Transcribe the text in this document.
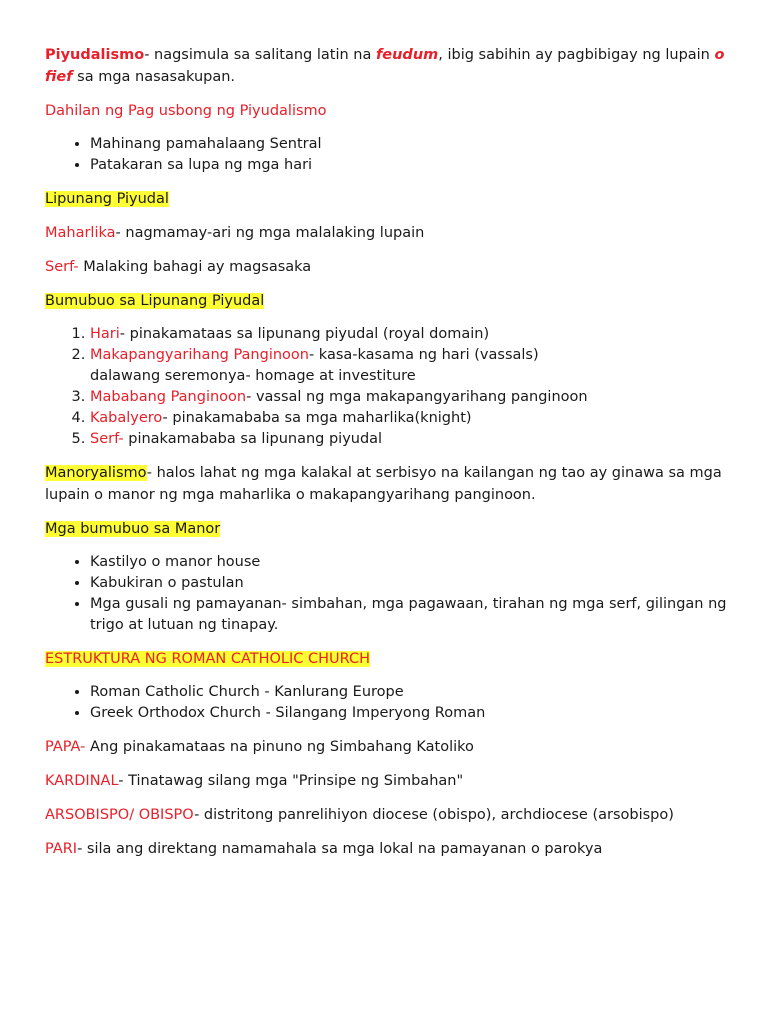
Piyudalismo- nagsimula sa salitang latin na feudum, ibig sabihin ay pagbibigay ng lupain o fief sa mga nasasakupan.

Dahilan ng Pag usbong ng Piyudalismo

• Mahinang pamahalaang Sentral
• Patakaran sa lupa ng mga hari

Lipunang Piyudal

Maharlika- nagmamay-ari ng mga malalaking lupain

Serf- Malaking bahagi ay magsasaka

Bumubuo sa Lipunang Piyudal

1. Hari- pinakamataas sa lipunang piyudal (royal domain)
2. Makapangyarihang Panginoon- kasa-kasama ng hari (vassals)
dalawang seremonya- homage at investiture
3. Mababang Panginoon- vassal ng mga makapangyarihang panginoon
4. Kabalyero- pinakamababa sa mga maharlika(knight)
5. Serf- pinakamababa sa lipunang piyudal

Manoryalismo- halos lahat ng mga kalakal at serbisyo na kailangan ng tao ay ginawa sa mga lupain o manor ng mga maharlika o makapangyarihang panginoon.

Mga bumubuo sa Manor

• Kastilyo o manor house
• Kabukiran o pastulan
• Mga gusali ng pamayanan- simbahan, mga pagawaan, tirahan ng mga serf, gilingan ng trigo at lutuan ng tinapay.

ESTRUKTURA NG ROMAN CATHOLIC CHURCH

• Roman Catholic Church - Kanlurang Europe
• Greek Orthodox Church - Silangang Imperyong Roman

PAPA- Ang pinakamataas na pinuno ng Simbahang Katoliko

KARDINAL- Tinatawag silang mga "Prinsipe ng Simbahan"

ARSOBISPO/ OBISPO- distritong panrelihiyon diocese (obispo), archdiocese (arsobispo)

PARI- sila ang direktang namamahala sa mga lokal na pamayanan o parokya
